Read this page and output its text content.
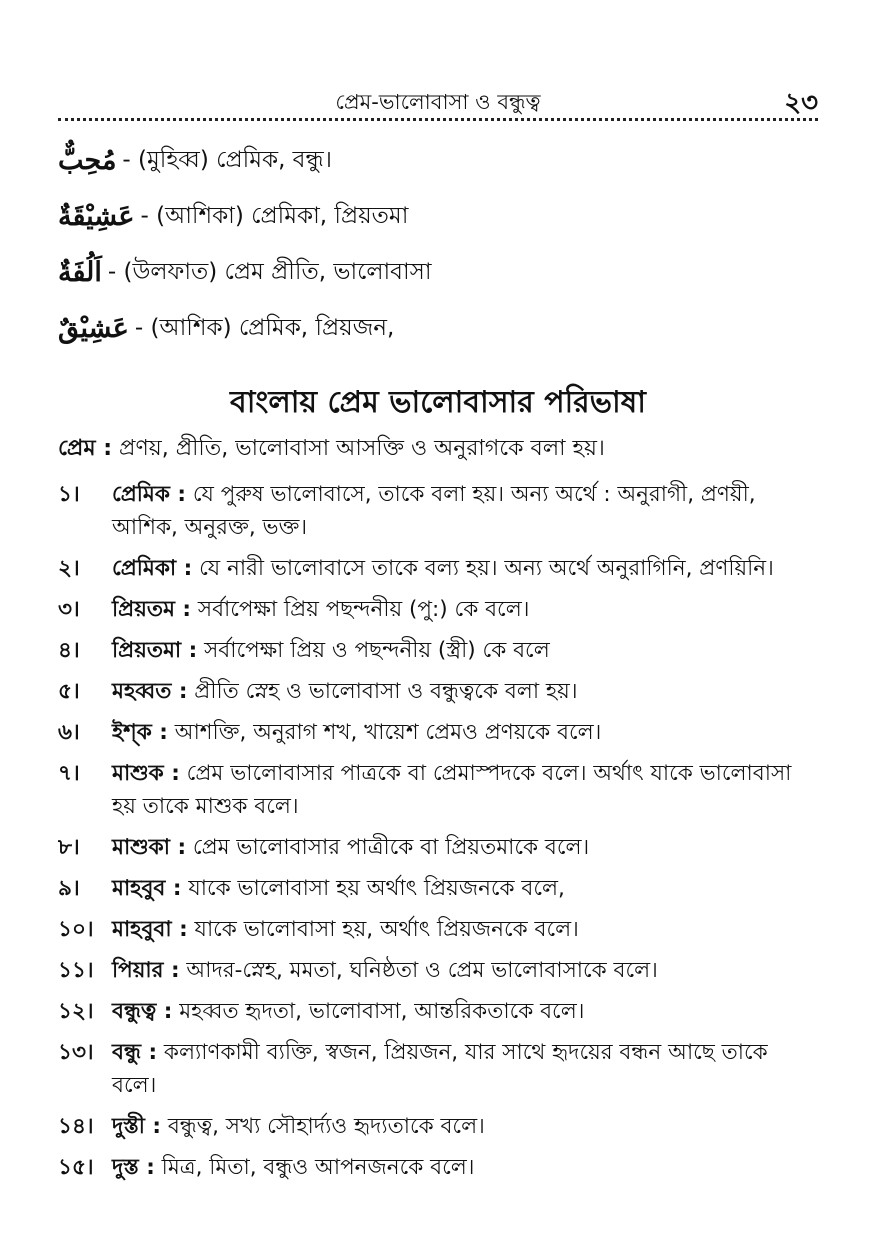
প্রেম-ভালোবাসা ও বন্ধুত্ব	২৩
مُحِبٌّ - (মুহিব্ব) প্রেমিক, বন্ধু।
عَشِيْقَةٌ - (আশিকা) প্রেমিকা, প্রিয়তমা
اَلُفَةٌ - (উলফাত) প্রেম প্রীতি, ভালোবাসা
عَشِيْقٌ - (আশিক) প্রেমিক, প্রিয়জন,
বাংলায় প্রেম ভালোবাসার পরিভাষা
প্রেম : প্রণয়, প্রীতি, ভালোবাসা আসক্তি ও অনুরাগকে বলা হয়।
১।	প্রেমিক : যে পুরুষ ভালোবাসে, তাকে বলা হয়। অন্য অর্থে : অনুরাগী, প্রণয়ী, আশিক, অনুরক্ত, ভক্ত।
২।	প্রেমিকা : যে নারী ভালোবাসে তাকে বল্য হয়। অন্য অর্থে অনুরাগিনি, প্রণয়িনি।
৩।	প্রিয়তম : সর্বাপেক্ষা প্রিয় পছন্দনীয় (পু:) কে বলে।
৪।	প্রিয়তমা : সর্বাপেক্ষা প্রিয় ও পছন্দনীয় (স্ত্রী) কে বলে
৫।	মহব্বত : প্রীতি স্নেহ ও ভালোবাসা ও বন্ধুত্বকে বলা হয়।
৬।	ইশ্‌ক : আশক্তি, অনুরাগ শখ, খায়েশ প্রেমও প্রণয়কে বলে।
৭।	মাশুক : প্রেম ভালোবাসার পাত্রকে বা প্রেমাস্পদকে বলে। অর্থাৎ যাকে ভালোবাসা হয় তাকে মাশুক বলে।
৮।	মাশুকা : প্রেম ভালোবাসার পাত্রীকে বা প্রিয়তমাকে বলে।
৯।	মাহবুব : যাকে ভালোবাসা হয় অর্থাৎ প্রিয়জনকে বলে,
১০। মাহবুবা : যাকে ভালোবাসা হয়, অর্থাৎ প্রিয়জনকে বলে।
১১। পিয়ার : আদর-স্নেহ, মমতা, ঘনিষ্ঠতা ও প্রেম ভালোবাসাকে বলে।
১২। বন্ধুত্ব : মহব্বত হৃদতা, ভালোবাসা, আন্তরিকতাকে বলে।
১৩। বন্ধু : কল্যাণকামী ব্যক্তি, স্বজন, প্রিয়জন, যার সাথে হৃদয়ের বন্ধন আছে তাকে বলে।
১৪। দুস্তী : বন্ধুত্ব, সখ্য সৌহার্দ্যও হৃদ্যতাকে বলে।
১৫। দুস্ত : মিত্র, মিতা, বন্ধুও আপনজনকে বলে।
